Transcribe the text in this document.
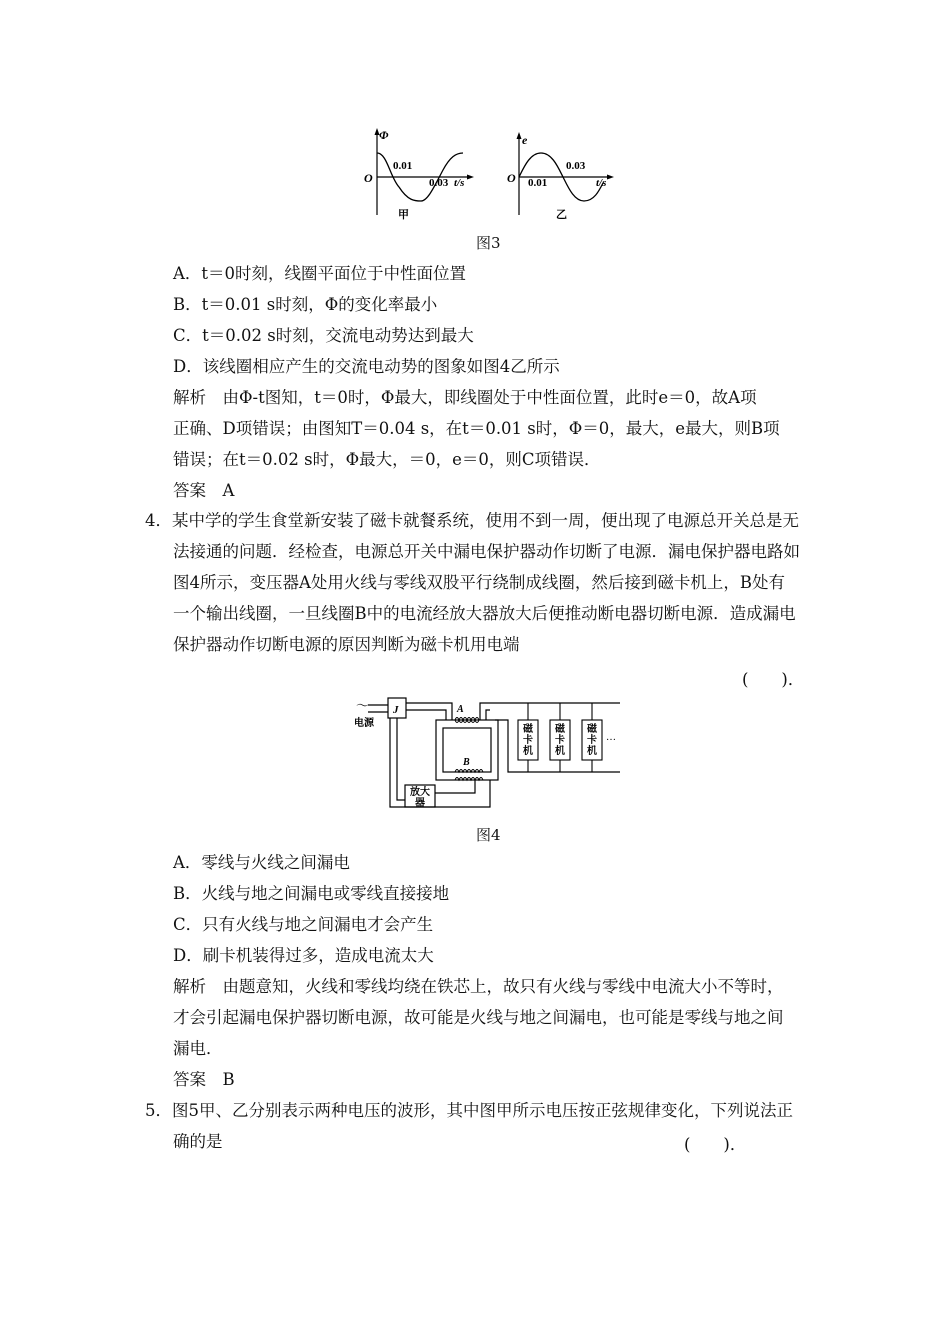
Φ
O
0.01
0.03 t/s
甲
e
O 0.01
0.03
t/s
乙
图3
A．t＝0时刻，线圈平面位于中性面位置
B．t＝0.01 s时刻，Φ的变化率最小
C．t＝0.02 s时刻，交流电动势达到最大
D．该线圈相应产生的交流电动势的图象如图4乙所示
解析　由Φ-t图知，t＝0时，Φ最大，即线圈处于中性面位置，此时e＝0，故A项
正确、D项错误；由图知T＝0.04 s，在t＝0.01 s时，Φ＝0，最大，e最大，则B项
错误；在t＝0.02 s时，Φ最大，＝0，e＝0，则C项错误．
答案　A
4．某中学的学生食堂新安装了磁卡就餐系统，使用不到一周，便出现了电源总开关总是无
法接通的问题．经检查，电源总开关中漏电保护器动作切断了电源．漏电保护器电路如
图4所示，变压器A处用火线与零线双股平行绕制成线圈，然后接到磁卡机上，B处有
一个输出线圈，一旦线圈B中的电流经放大器放大后便推动断电器切断电源．造成漏电
保护器动作切断电源的原因判断为磁卡机用电端
(　　)．
磁
卡
机
磁
卡
机
磁
卡
机
…
～
电源
J	A
B
放大
器
图4
A．零线与火线之间漏电
B．火线与地之间漏电或零线直接接地
C．只有火线与地之间漏电才会产生
D．刷卡机装得过多，造成电流太大
解析　由题意知，火线和零线均绕在铁芯上，故只有火线与零线中电流大小不等时，
才会引起漏电保护器切断电源，故可能是火线与地之间漏电，也可能是零线与地之间
漏电．
答案　B
5．图5甲、乙分别表示两种电压的波形，其中图甲所示电压按正弦规律变化，下列说法正
确的是	(　　)．
